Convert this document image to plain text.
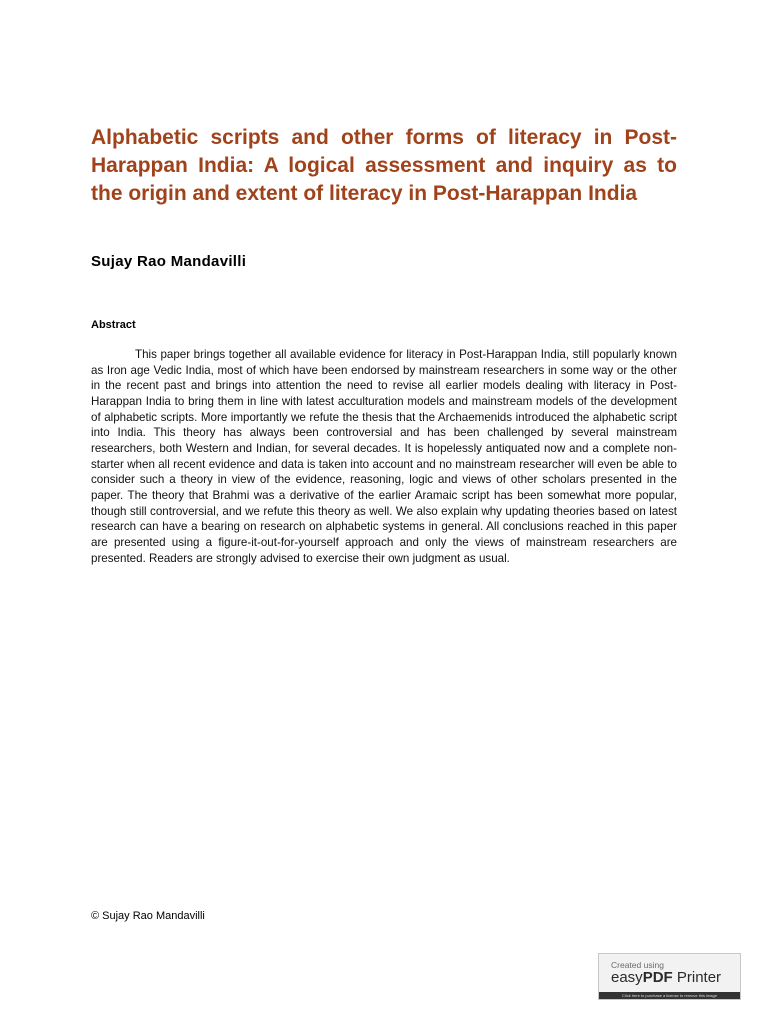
Alphabetic scripts and other forms of literacy in Post-Harappan India: A logical assessment and inquiry as to the origin and extent of literacy in Post-Harappan India

Sujay Rao Mandavilli

Abstract

This paper brings together all available evidence for literacy in Post-Harappan India, still popularly known as Iron age Vedic India, most of which have been endorsed by mainstream researchers in some way or the other in the recent past and brings into attention the need to revise all earlier models dealing with literacy in Post-Harappan India to bring them in line with latest acculturation models and mainstream models of the development of alphabetic scripts. More importantly we refute the thesis that the Archaemenids introduced the alphabetic script into India. This theory has always been controversial and has been challenged by several mainstream researchers, both Western and Indian, for several decades. It is hopelessly antiquated now and a complete non-starter when all recent evidence and data is taken into account and no mainstream researcher will even be able to consider such a theory in view of the evidence, reasoning, logic and views of other scholars presented in the paper. The theory that Brahmi was a derivative of the earlier Aramaic script has been somewhat more popular, though still controversial, and we refute this theory as well. We also explain why updating theories based on latest research can have a bearing on research on alphabetic systems in general. All conclusions reached in this paper are presented using a figure-it-out-for-yourself approach and only the views of mainstream researchers are presented. Readers are strongly advised to exercise their own judgment as usual.

© Sujay Rao Mandavilli

Created using
easyPDF Printer
Click here to purchase a license to remove this image
